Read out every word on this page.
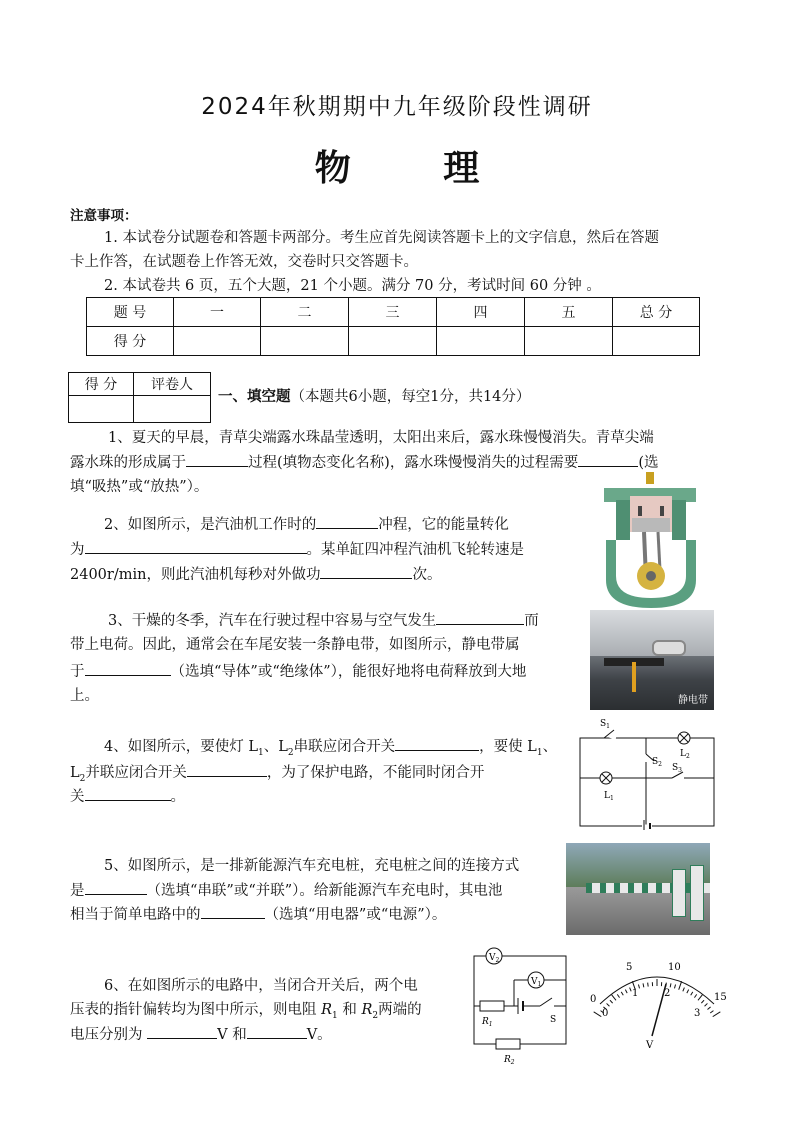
2024年秋期期中九年级阶段性调研
物 理
注意事项：
1. 本试卷分试题卷和答题卡两部分。考生应首先阅读答题卡上的文字信息，然后在答题
卡上作答，在试题卷上作答无效，交卷时只交答题卡。
2. 本试卷共 6 页，五个大题，21 个小题。满分 70 分，考试时间 60 分钟 。
题 号	一	二	三	四	五	总 分
得 分						
得 分	评卷人

一、填空题（本题共6小题，每空1分，共14分）
1、夏天的早晨，青草尖端露水珠晶莹透明，太阳出来后，露水珠慢慢消失。青草尖端
露水珠的形成属于	过程(填物态变化名称)，露水珠慢慢消失的过程需要	(选
填“吸热”或“放热”）。
2、如图所示，是汽油机工作时的	冲程，它的能量转化
为	。某单缸四冲程汽油机飞轮转速是
2400r/min，则此汽油机每秒对外做功	次。
3、干燥的冬季，汽车在行驶过程中容易与空气发生	而
带上电荷。因此，通常会在车尾安装一条静电带，如图所示，静电带属
于	（选填“导体”或“绝缘体”），能很好地将电荷释放到大地
上。	静电带
4、如图所示，要使灯 $L_1$、$L_2$串联应闭合开关	，要使 $L_1$、
$L_2$并联应闭合开关	，为了保护电路，不能同时闭合开
关	。
$S_1$
$S_2$ $S_3$
$L_2$
$L_1$
5、如图所示，是一排新能源汽车充电桩，充电桩之间的连接方式
是	（选填“串联”或“并联”）。给新能源汽车充电时，其电池
相当于简单电路中的	（选填“用电器”或“电源”）。
6、在如图所示的电路中，当闭合开关后，两个电
压表的指针偏转均为图中所示，则电阻 $R_1$ 和 $R_2$两端的
电压分别为	V 和	V。
$V_2$
$V_1$
S
$R_1$
$R_2$
0
5	10
15
0
1	2
3
V
